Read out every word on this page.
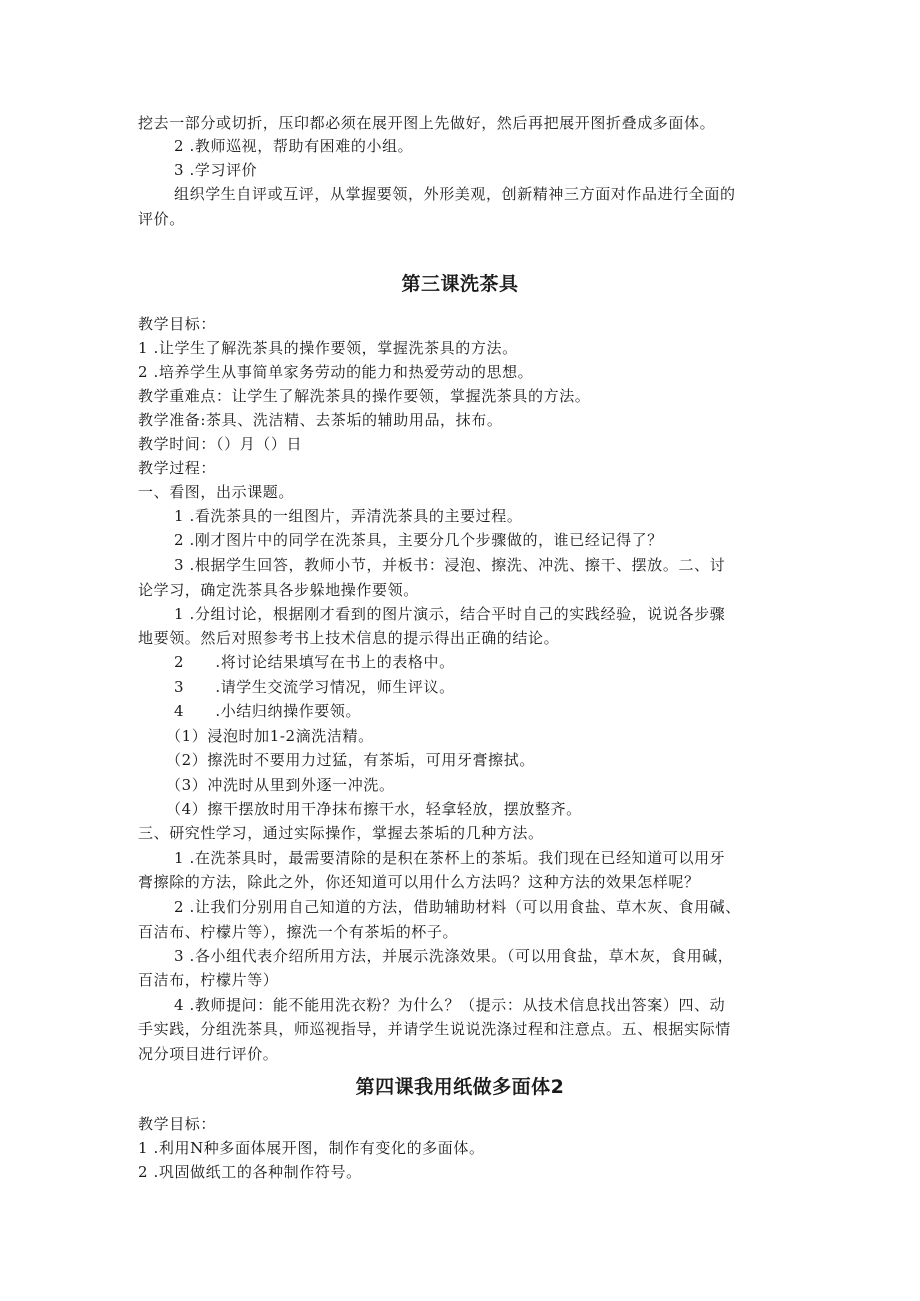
挖去一部分或切折，压印都必须在展开图上先做好，然后再把展开图折叠成多面体。
2 .教师巡视，帮助有困难的小组。
3 .学习评价
组织学生自评或互评，从掌握要领，外形美观，创新精神三方面对作品进行全面的
评价。
第三课洗茶具
教学目标：
1 .让学生了解洗茶具的操作要领，掌握洗茶具的方法。
2 .培养学生从事简单家务劳动的能力和热爱劳动的思想。
教学重难点：让学生了解洗茶具的操作要领，掌握洗茶具的方法。
教学准备:茶具、洗洁精、去茶垢的辅助用品，抹布。
教学时间：（）月（）日
教学过程：
一、看图，出示课题。
1 .看洗茶具的一组图片，弄清洗茶具的主要过程。
2 .刚才图片中的同学在洗茶具，主要分几个步骤做的，谁已经记得了？
3 .根据学生回答，教师小节，并板书：浸泡、擦洗、冲洗、擦干、摆放。二、讨
论学习，确定洗茶具各步躲地操作要领。
1 .分组讨论，根据刚才看到的图片演示，结合平时自己的实践经验，说说各步骤
地要领。然后对照参考书上技术信息的提示得出正确的结论。
2　　.将讨论结果填写在书上的表格中。
3　　.请学生交流学习情况，师生评议。
4　　.小结归纳操作要领。
（1）浸泡时加1-2滴洗洁精。
（2）擦洗时不要用力过猛，有茶垢，可用牙膏擦拭。
（3）冲洗时从里到外逐一冲洗。
（4）擦干摆放时用干净抹布擦干水，轻拿轻放，摆放整齐。
三、研究性学习，通过实际操作，掌握去茶垢的几种方法。
1 .在洗茶具时，最需要清除的是积在茶杯上的茶垢。我们现在已经知道可以用牙
膏擦除的方法，除此之外，你还知道可以用什么方法吗？这种方法的效果怎样呢？
2 .让我们分别用自己知道的方法，借助辅助材料（可以用食盐、草木灰、食用碱、
百洁布、柠檬片等），擦洗一个有茶垢的杯子。
3 .各小组代表介绍所用方法，并展示洗涤效果。（可以用食盐，草木灰，食用碱，
百洁布，柠檬片等）
4 .教师提问：能不能用洗衣粉？为什么？（提示：从技术信息找出答案）四、动
手实践，分组洗茶具，师巡视指导，并请学生说说洗涤过程和注意点。五、根据实际情
况分项目进行评价。
第四课我用纸做多面体2
教学目标：
1 .利用N种多面体展开图，制作有变化的多面体。
2 .巩固做纸工的各种制作符号。
